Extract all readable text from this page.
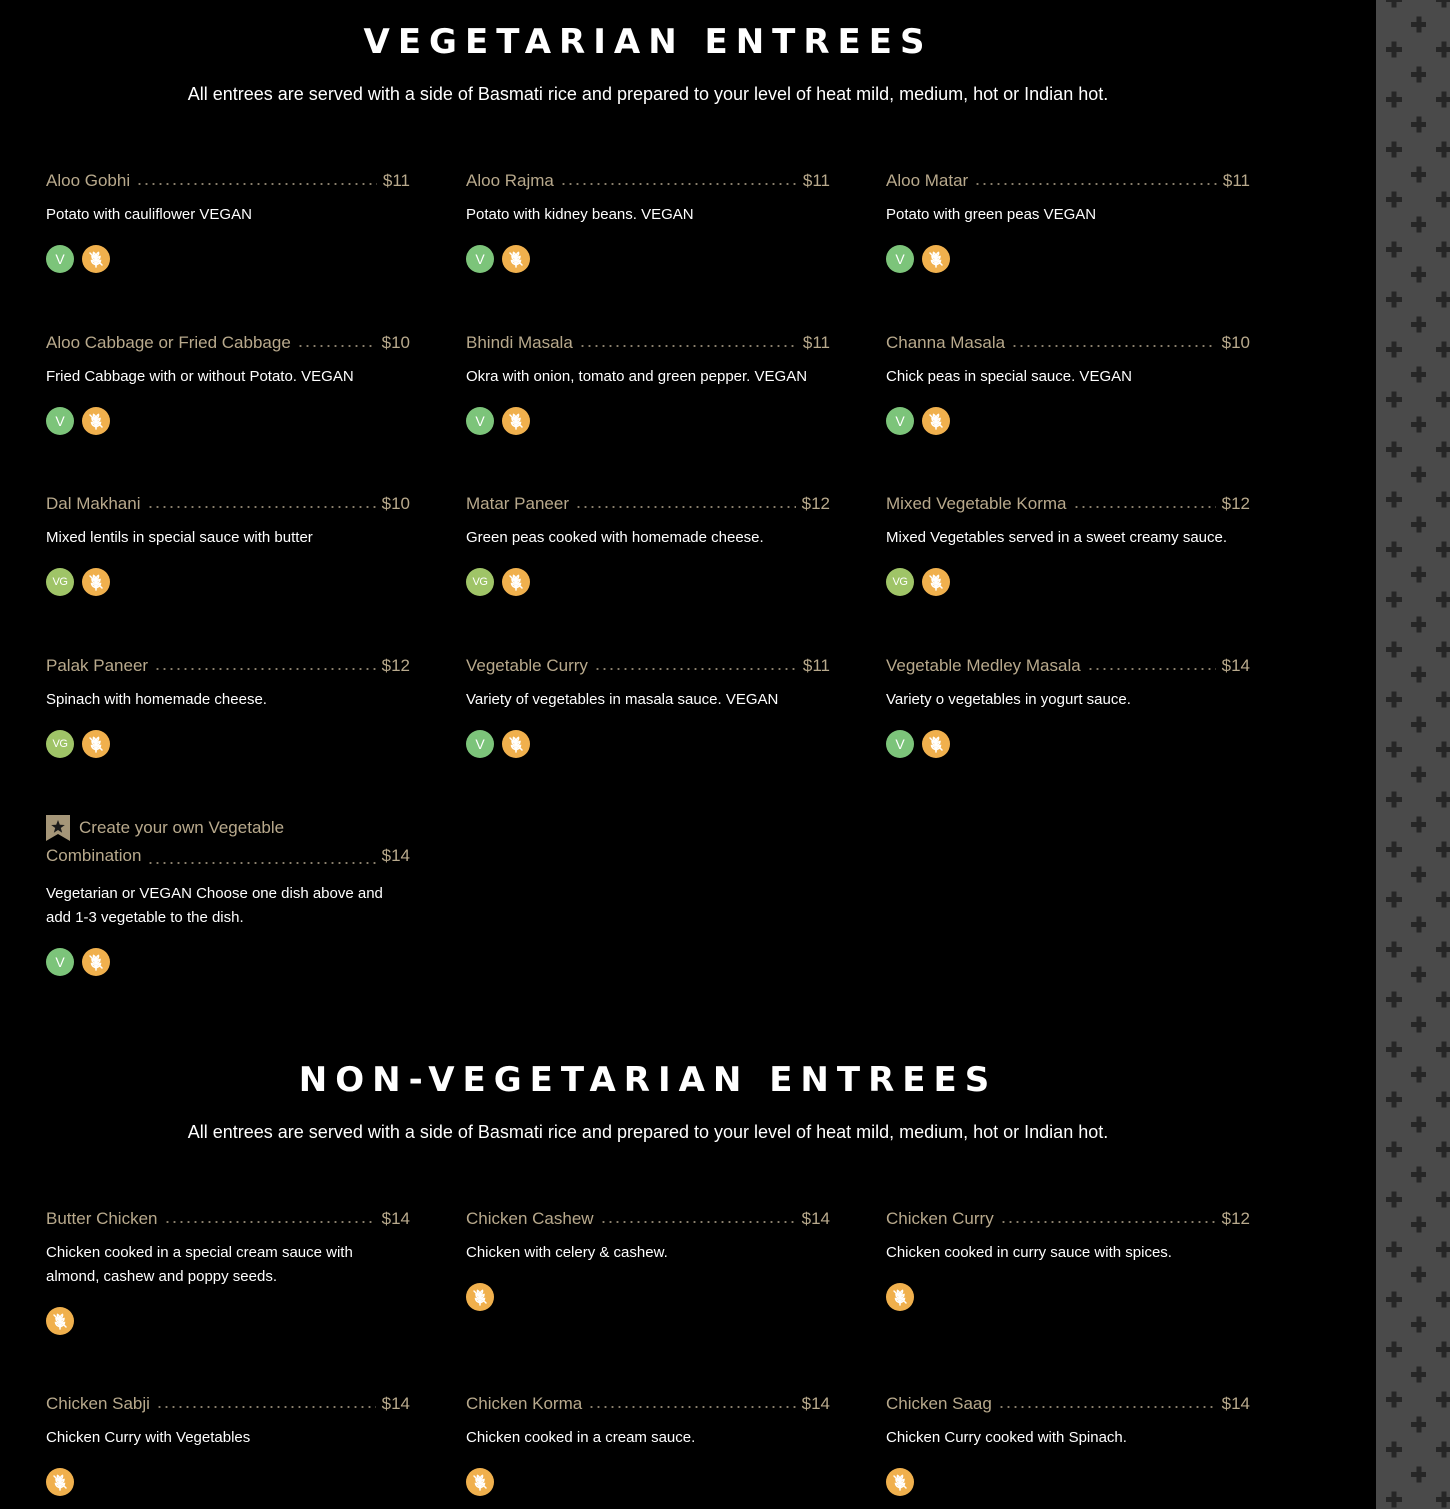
VEGETARIAN ENTREES

All entrees are served with a side of Basmati rice and prepared to your level of heat mild, medium, hot or Indian hot.

Aloo Gobhi	$11
Potato with cauliflower VEGAN
V
Aloo Rajma	$11
Potato with kidney beans. VEGAN
V
Aloo Matar	$11
Potato with green peas VEGAN
V
Aloo Cabbage or Fried Cabbage	$10
Fried Cabbage with or without Potato. VEGAN
V
Bhindi Masala	$11
Okra with onion, tomato and green pepper. VEGAN
V
Channa Masala	$10
Chick peas in special sauce. VEGAN
V
Dal Makhani	$10
Mixed lentils in special sauce with butter
VG
Matar Paneer	$12
Green peas cooked with homemade cheese.
VG
Mixed Vegetable Korma	$12
Mixed Vegetables served in a sweet creamy sauce.
VG
Palak Paneer	$12
Spinach with homemade cheese.
VG
Vegetable Curry	$11
Variety of vegetables in masala sauce. VEGAN
V
Vegetable Medley Masala	$14
Variety o vegetables in yogurt sauce.
V
Create your own Vegetable
Combination	$14
Vegetarian or VEGAN Choose one dish above and add 1-3 vegetable to the dish.
V
NON-VEGETARIAN ENTREES

All entrees are served with a side of Basmati rice and prepared to your level of heat mild, medium, hot or Indian hot.

Butter Chicken	$14
Chicken cooked in a special cream sauce with almond, cashew and poppy seeds.
Chicken Cashew	$14
Chicken with celery & cashew.
Chicken Curry	$12
Chicken cooked in curry sauce with spices.
Chicken Sabji	$14
Chicken Curry with Vegetables
Chicken Korma	$14
Chicken cooked in a cream sauce.
Chicken Saag	$14
Chicken Curry cooked with Spinach.
